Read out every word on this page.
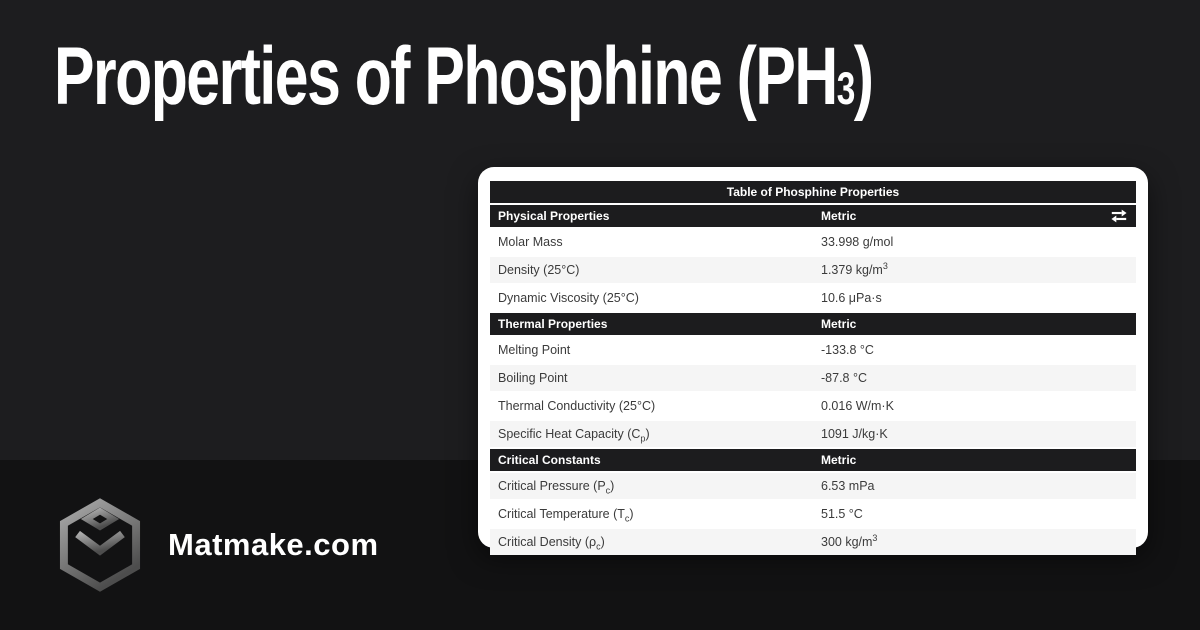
Properties of Phosphine (PH3)
Table of Phosphine Properties	
Physical Properties	Metric

Molar Mass	33.998 g/mol
Density (25°C)	1.379 $kg/m^3$
Dynamic Viscosity (25°C)	10.6 μPa·s
Thermal Properties	Metric
Melting Point	-133.8 °C
Boiling Point	-87.8 °C
Thermal Conductivity (25°C)	0.016 W/m·K
Specific Heat Capacity $(C_p)$	1091 J/kg·K
Critical Constants	Metric
Critical Pressure $(P_c)$	6.53 mPa
Critical Temperature $(T_c)$	51.5 °C
Critical Density $(\rho_c)$	300 $kg/m^3$
Matmake.com
